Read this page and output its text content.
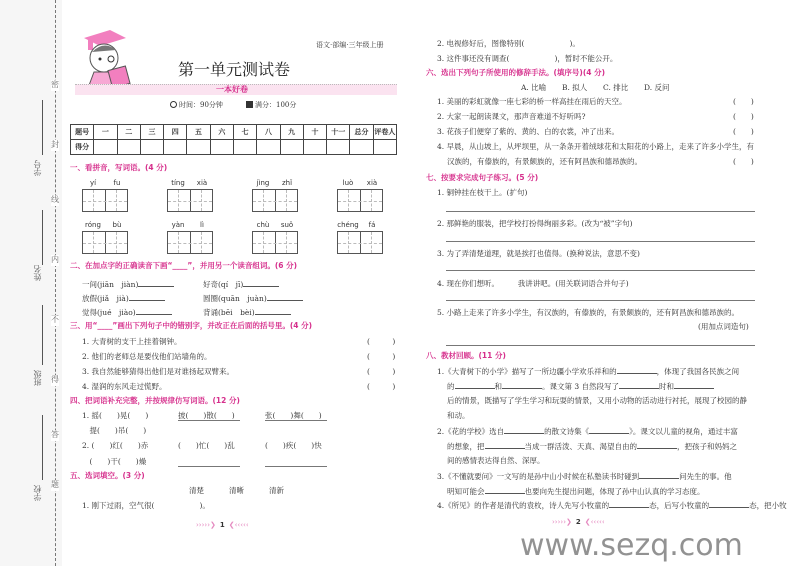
语文·部编·三年级上册
第一单元测试卷
一本好卷
时间：90分钟	满分：100分
题号	一	二	三	四	五	六	七	八	九	十	十一	总分	评卷人
得分													
一、看拼音，写词语。(4 分)
yí	fu	tíng	xià	jìng	zhǐ	luò	xià
róng	bù	yàn	lì	chù	suǒ	chéng	fá
二、在加点字的正确读音下画“____”，并用另一个读音组词。(6 分)
一间(jiān　jiàn)	好奇(qí　jī)
放假(jiǎ　jià)	圆圈(quān　juàn)
觉得(jué　jiào)	背诵(bēi　bèi)
三、用“____”画出下列句子中的错别字，并改正在后面的括号里。(4 分)
1. 大青树的支干上挂着铜钟。	(　　　)
2. 他们的老师总是要伐他们站墙角的。	(　　　)
3. 我自然能够猜得出他们是对谁扬起双臂来。	(　　　)
4. 湿润的东风走过慌野。	(　　　)
四、把词语补充完整，并按规律仿写词语。(12 分)
1. 摇(　　)晃(　　)	披(　　)散(　　)	张(　　)舞(　　)
　提(　　)吊(　　)
2. (　　)红(　　)赤	(　　)忙(　　)乱	(　　)疾(　　)快
　(　　)干(　　)燥
五、选词填空。(3 分)
清楚	清晰	清新
1. 刚下过雨，空气很(　　　　　　)。
›››››❯ 1 ❮‹‹‹‹‹
2. 电视修好后，图像特别(　　　　　　)。
3. 这件事还没有调查(　　　　　　)，暂时不能公开。
六、选出下列句子所使用的修辞手法。(填序号)(4 分)
A. 比喻 B. 拟人 C. 排比 D. 反问
1. 美丽的彩虹就像一座七彩的桥一样高挂在雨后的天空。	(　　)
2. 大家一起朗读课文，那声音难道不好听吗?	(　　)
3. 花孩子们便穿了紫的、黄的、白的衣裳，冲了出来。	(　　)
4. 早晨，从山坡上，从坪坝里，从一条条开着绒球花和太阳花的小路上，走来了许多小学生，有
汉族的，有傣族的，有景颇族的，还有阿昌族和德昂族的。	(　　)
七、按要求完成句子练习。(5 分)
1. 铜钟挂在枝干上。(扩句)
2. 那鲜艳的服装，把学校打扮得绚丽多彩。(改为“被”字句)
3. 为了弄清楚道理，就是挨打也值得。(换种说法，意思不变)
4. 现在你们想听。　　　我讲讲吧。(用关联词语合并句子)
5. 小路上走来了许多小学生，有汉族的，有傣族的，有景颇族的，还有阿昌族和德昂族的。
(用加点词造句)
八、教材回顾。(11 分)
1.《大青树下的小学》描写了一所边疆小学欢乐祥和的	，体现了我国各民族之间
的	和	。课文第 3 自然段写了	时和
后的情景，既描写了学生学习和玩耍的情景，又用小动物的活动进行衬托，展现了校园的静
和动。
2.《花的学校》选自	的散文诗集《	》。课文以儿童的视角，通过丰富
的想象，把	当成一群活泼、天真、渴望自由的	，把孩子和妈妈之
间的感情表达得自然、深厚。
3.《不懂就要问》一文写的是孙中山小时候在私塾读书时碰到	问先生的事。他
明知可能会	也要向先生提出问题，体现了孙中山认真的学习态度。
4.《所见》的作者是清代的袁枚，诗人先写小牧童的	态，后写小牧童的	态，把小牧
›››››❯ 2 ❮‹‹‹‹‹
www.sezq.com
密
封
线
内
不
得
答
题
学号
姓名
班级
学校
